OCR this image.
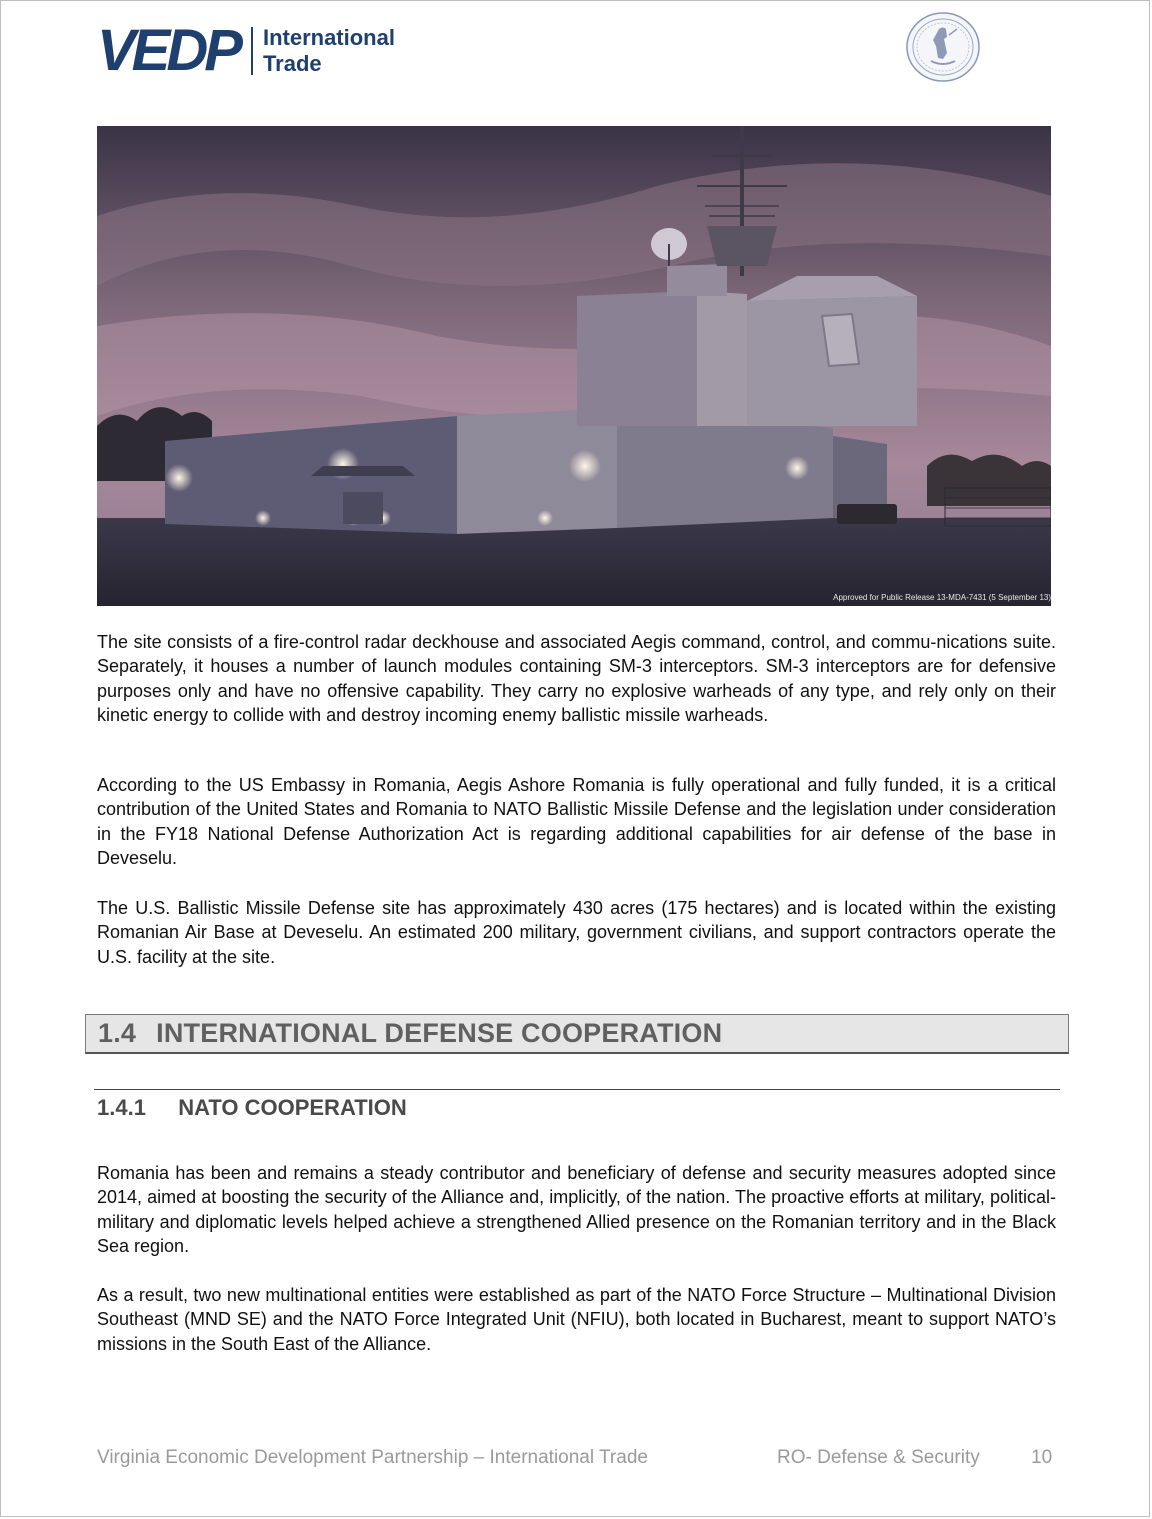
VEDP International
Trade
Approved for Public Release 13-MDA-7431 (5 September 13)

The site consists of a fire-control radar deckhouse and associated Aegis command, control, and commu-nications suite. Separately, it houses a number of launch modules containing SM-3 interceptors. SM-3 interceptors are for defensive purposes only and have no offensive capability. They carry no explosive warheads of any type, and rely only on their kinetic energy to collide with and destroy incoming enemy ballistic missile warheads.

According to the US Embassy in Romania, Aegis Ashore Romania is fully operational and fully funded, it is a critical contribution of the United States and Romania to NATO Ballistic Missile Defense and the legislation under consideration in the FY18 National Defense Authorization Act is regarding additional capabilities for air defense of the base in Deveselu.

The U.S. Ballistic Missile Defense site has approximately 430 acres (175 hectares) and is located within the existing Romanian Air Base at Deveselu. An estimated 200 military, government civilians, and support contractors operate the U.S. facility at the site.

1.4 INTERNATIONAL DEFENSE COOPERATION
1.4.1 NATO COOPERATION

Romania has been and remains a steady contributor and beneficiary of defense and security measures adopted since 2014, aimed at boosting the security of the Alliance and, implicitly, of the nation. The proactive efforts at military, political-military and diplomatic levels helped achieve a strengthened Allied presence on the Romanian territory and in the Black Sea region.

As a result, two new multinational entities were established as part of the NATO Force Structure – Multinational Division Southeast (MND SE) and the NATO Force Integrated Unit (NFIU), both located in Bucharest, meant to support NATO’s missions in the South East of the Alliance.

Virginia Economic Development Partnership – International Trade	RO- Defense & Security	10
